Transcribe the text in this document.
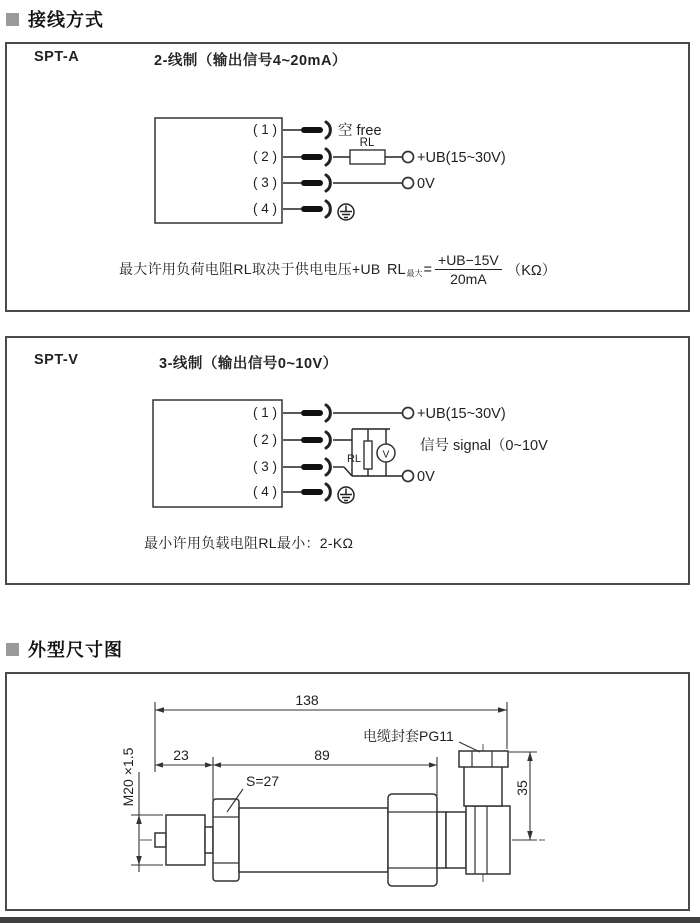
接线方式
SPT-A	2-线制（输出信号4~20mA）
( 1 )
( 2 )
( 3 )
( 4 )
RL
空 free
+UB(15~30V)
0V
最大许用负荷电阻RL取决于供电电压+UB $RL_{最大} = \frac{+UB-15V}{20mA} (K\Omega)$
SPT-V	3-线制（输出信号0~10V）
( 1 )
( 2 )
( 3 )
( 4 )
RL V
+UB(15~30V)
信号 signal（0~10V
0V
最小许用负载电阻RL最小：2-KΩ
外型尺寸图
138
23	89
35
M20 ×1.5	S=27
电缆封套PG11
